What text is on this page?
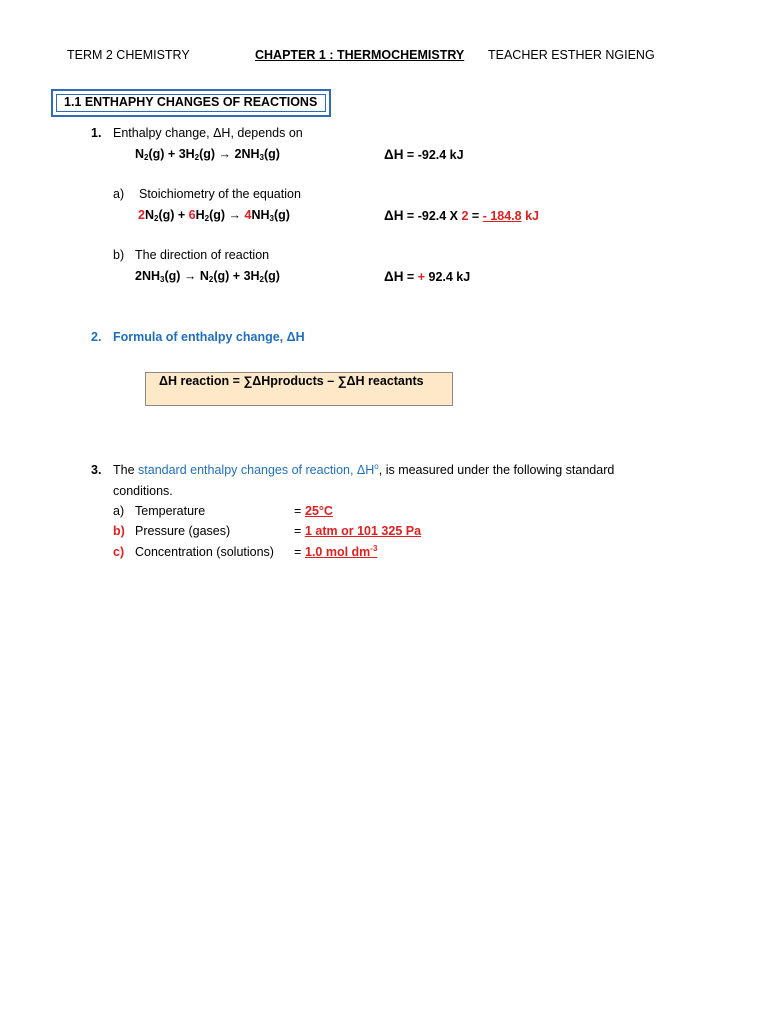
TERM 2 CHEMISTRY	CHAPTER 1 : THERMOCHEMISTRY TEACHER ESTHER NGIENG
1.1 ENTHAPHY CHANGES OF REACTIONS
1. Enthalpy change, ΔH, depends on
$N_2(g) + 3H_2(g) \to 2NH_3(g)$	ΔH = -92.4 kJ
a) Stoichiometry of the equation
$2N_2(g) + 6H_2(g) \to 4NH_3(g)$	ΔH = -92.4 X 2 = - 184.8 kJ
b) The direction of reaction
$2NH_3(g) \to N_2(g) + 3H_2(g)$	ΔH = + 92.4 kJ
2. Formula of enthalpy change, ΔH
ΔH reaction = ∑ΔHproducts – ∑ΔH reactants
3. The standard enthalpy changes of reaction, $\Delta H^o$, is measured under the following standard
conditions.
a) Temperature	= 25°C
b) Pressure (gases)	= 1 atm or 101 325 Pa
c) Concentration (solutions) = 1.0 mol $dm^{-3}$
